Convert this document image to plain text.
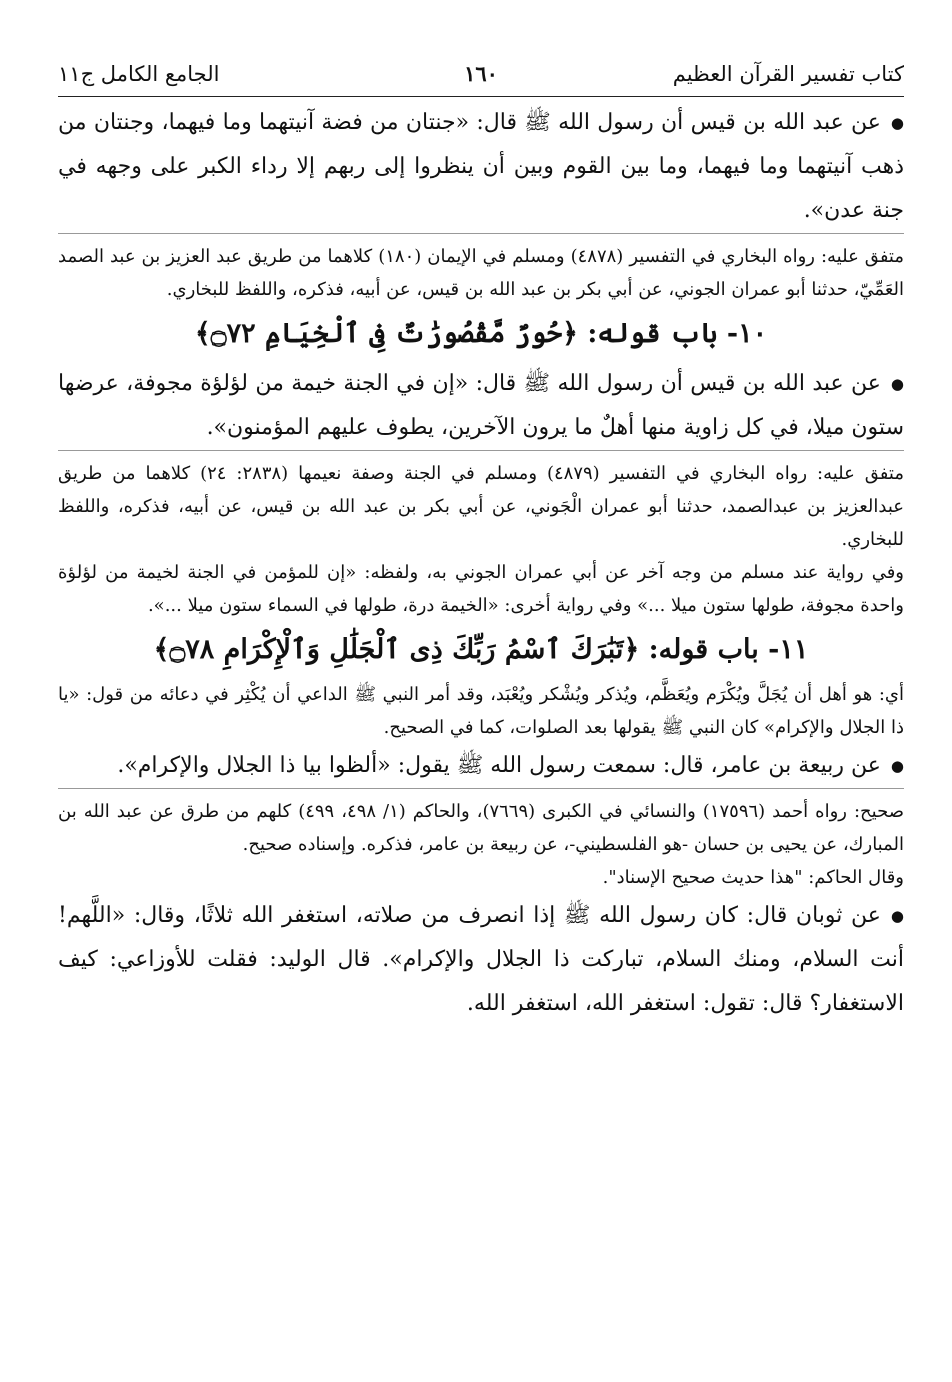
كتاب تفسير القرآن العظيم
١٦٠
الجامع الكامل ج١١

●عن عبد الله بن قيس أن رسول الله ﷺ قال: «جنتان من فضة آنيتهما وما فيهما، وجنتان من ذهب آنيتهما وما فيهما، وما بين القوم وبين أن ينظروا إلى ربهم إلا رداء الكبر على وجهه في جنة عدن».

متفق عليه: رواه البخاري في التفسير (٤٨٧٨) ومسلم في الإيمان (١٨٠) كلاهما من طريق عبد العزيز بن عبد الصمد العَمِّيّ، حدثنا أبو عمران الجوني، عن أبي بكر بن عبد الله بن قيس، عن أبيه، فذكره، واللفظ للبخاري.

١٠- باب قوله: ﴿حُورٌ مَّقْصُورَٰتٌ فِى ٱلْخِيَامِ ۝٧٢﴾

●عن عبد الله بن قيس أن رسول الله ﷺ قال: «إن في الجنة خيمة من لؤلؤة مجوفة، عرضها ستون ميلا، في كل زاوية منها أهلٌ ما يرون الآخرين، يطوف عليهم المؤمنون».

متفق عليه: رواه البخاري في التفسير (٤٨٧٩) ومسلم في الجنة وصفة نعيمها (٢٨٣٨: ٢٤) كلاهما من طريق عبدالعزيز بن عبدالصمد، حدثنا أبو عمران الْجَوني، عن أبي بكر بن عبد الله بن قيس، عن أبيه، فذكره، واللفظ للبخاري.

وفي رواية عند مسلم من وجه آخر عن أبي عمران الجوني به، ولفظه: «إن للمؤمن في الجنة لخيمة من لؤلؤة واحدة مجوفة، طولها ستون ميلا ...» وفي رواية أخرى: «الخيمة درة، طولها في السماء ستون ميلا ...».

١١- باب قوله: ﴿تَبَٰرَكَ ٱسْمُ رَبِّكَ ذِى ٱلْجَلَٰلِ وَٱلْإِكْرَامِ ۝٧٨﴾

أي: هو أهل أن يُجَلَّ ويُكْرَم ويُعَظَّم، ويُذكر ويُشْكر ويُعْبَد، وقد أمر النبي ﷺ الداعي أن يُكْثِر في دعائه من قول: «يا ذا الجلال والإكرام» كان النبي ﷺ يقولها بعد الصلوات، كما في الصحيح.

●عن ربيعة بن عامر، قال: سمعت رسول الله ﷺ يقول: «ألظوا بيا ذا الجلال والإكرام».

صحيح: رواه أحمد (١٧٥٩٦) والنسائي في الكبرى (٧٦٦٩)، والحاكم (١/ ٤٩٨، ٤٩٩) كلهم من طرق عن عبد الله بن المبارك، عن يحيى بن حسان -هو الفلسطيني-، عن ربيعة بن عامر، فذكره. وإسناده صحيح.

وقال الحاكم: "هذا حديث صحيح الإسناد".

●عن ثوبان قال: كان رسول الله ﷺ إذا انصرف من صلاته، استغفر الله ثلاثًا، وقال: «اللَّهم! أنت السلام، ومنك السلام، تباركت ذا الجلال والإكرام». قال الوليد: فقلت للأوزاعي: كيف الاستغفار؟ قال: تقول: استغفر الله، استغفر الله.
